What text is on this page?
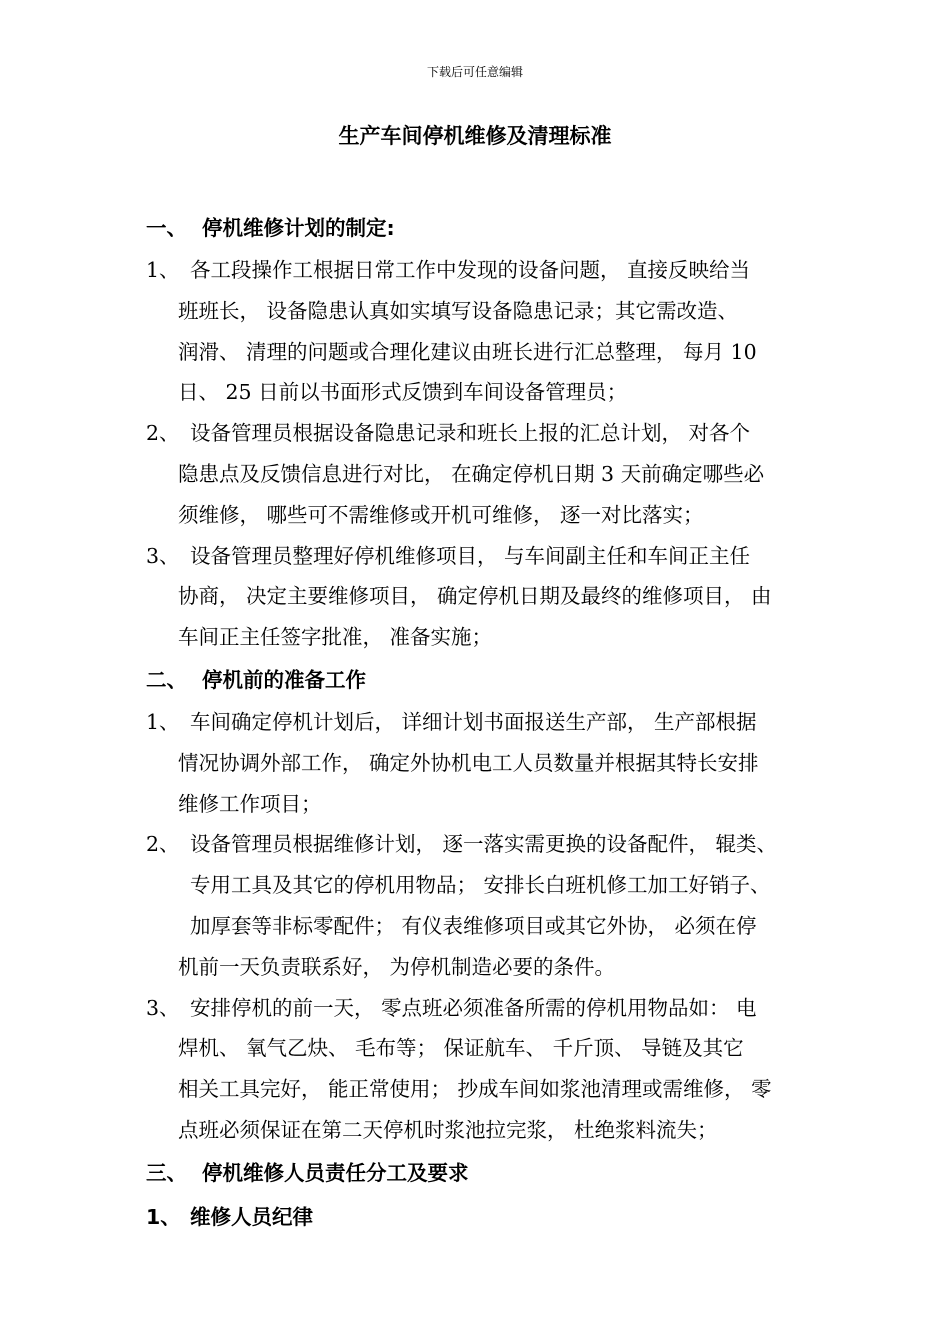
下载后可任意编辑
生产车间停机维修及清理标准
一、 停机维修计划的制定:
1、 各工段操作工根据日常工作中发现的设备问题， 直接反映给当
班班长， 设备隐患认真如实填写设备隐患记录；其它需改造、
润滑、 清理的问题或合理化建议由班长进行汇总整理， 每月 10
日、 25 日前以书面形式反馈到车间设备管理员；
2、 设备管理员根据设备隐患记录和班长上报的汇总计划， 对各个
隐患点及反馈信息进行对比， 在确定停机日期 3 天前确定哪些必
须维修， 哪些可不需维修或开机可维修， 逐一对比落实；
3、 设备管理员整理好停机维修项目， 与车间副主任和车间正主任
协商， 决定主要维修项目， 确定停机日期及最终的维修项目， 由
车间正主任签字批准， 准备实施；
二、 停机前的准备工作
1、 车间确定停机计划后， 详细计划书面报送生产部， 生产部根据
情况协调外部工作， 确定外协机电工人员数量并根据其特长安排
维修工作项目；
2、 设备管理员根据维修计划， 逐一落实需更换的设备配件， 辊类、
专用工具及其它的停机用物品； 安排长白班机修工加工好销子、
加厚套等非标零配件； 有仪表维修项目或其它外协， 必须在停
机前一天负责联系好， 为停机制造必要的条件。
3、 安排停机的前一天， 零点班必须准备所需的停机用物品如： 电
焊机、 氧气乙炔、 毛布等； 保证航车、 千斤顶、 导链及其它
相关工具完好， 能正常使用； 抄成车间如浆池清理或需维修， 零
点班必须保证在第二天停机时浆池拉完浆， 杜绝浆料流失；
三、 停机维修人员责任分工及要求
1、 维修人员纪律
